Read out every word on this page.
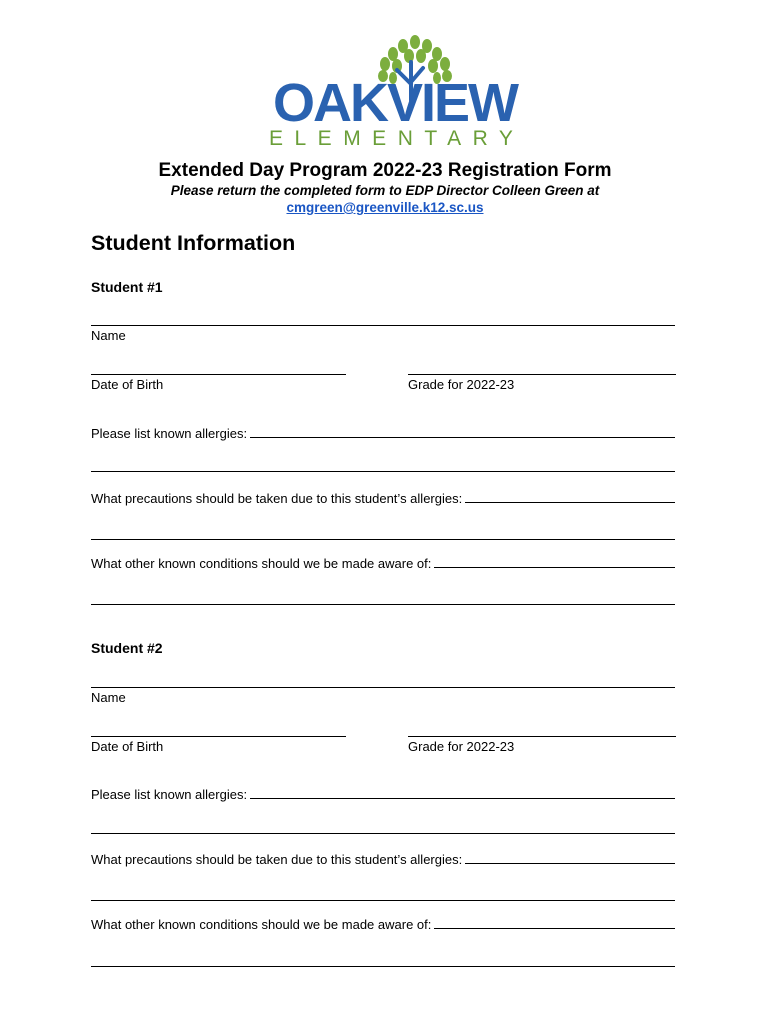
OAKVIEW
ELEMENTARY
Extended Day Program 2022-23 Registration Form
Please return the completed form to EDP Director Colleen Green at
cmgreen@greenville.k12.sc.us
Student Information
Student #1
Name
Date of Birth	Grade for 2022-23
Please list known allergies:
What precautions should be taken due to this student’s allergies:
What other known conditions should we be made aware of:
Student #2
Name
Date of Birth	Grade for 2022-23
Please list known allergies:
What precautions should be taken due to this student’s allergies:
What other known conditions should we be made aware of:
